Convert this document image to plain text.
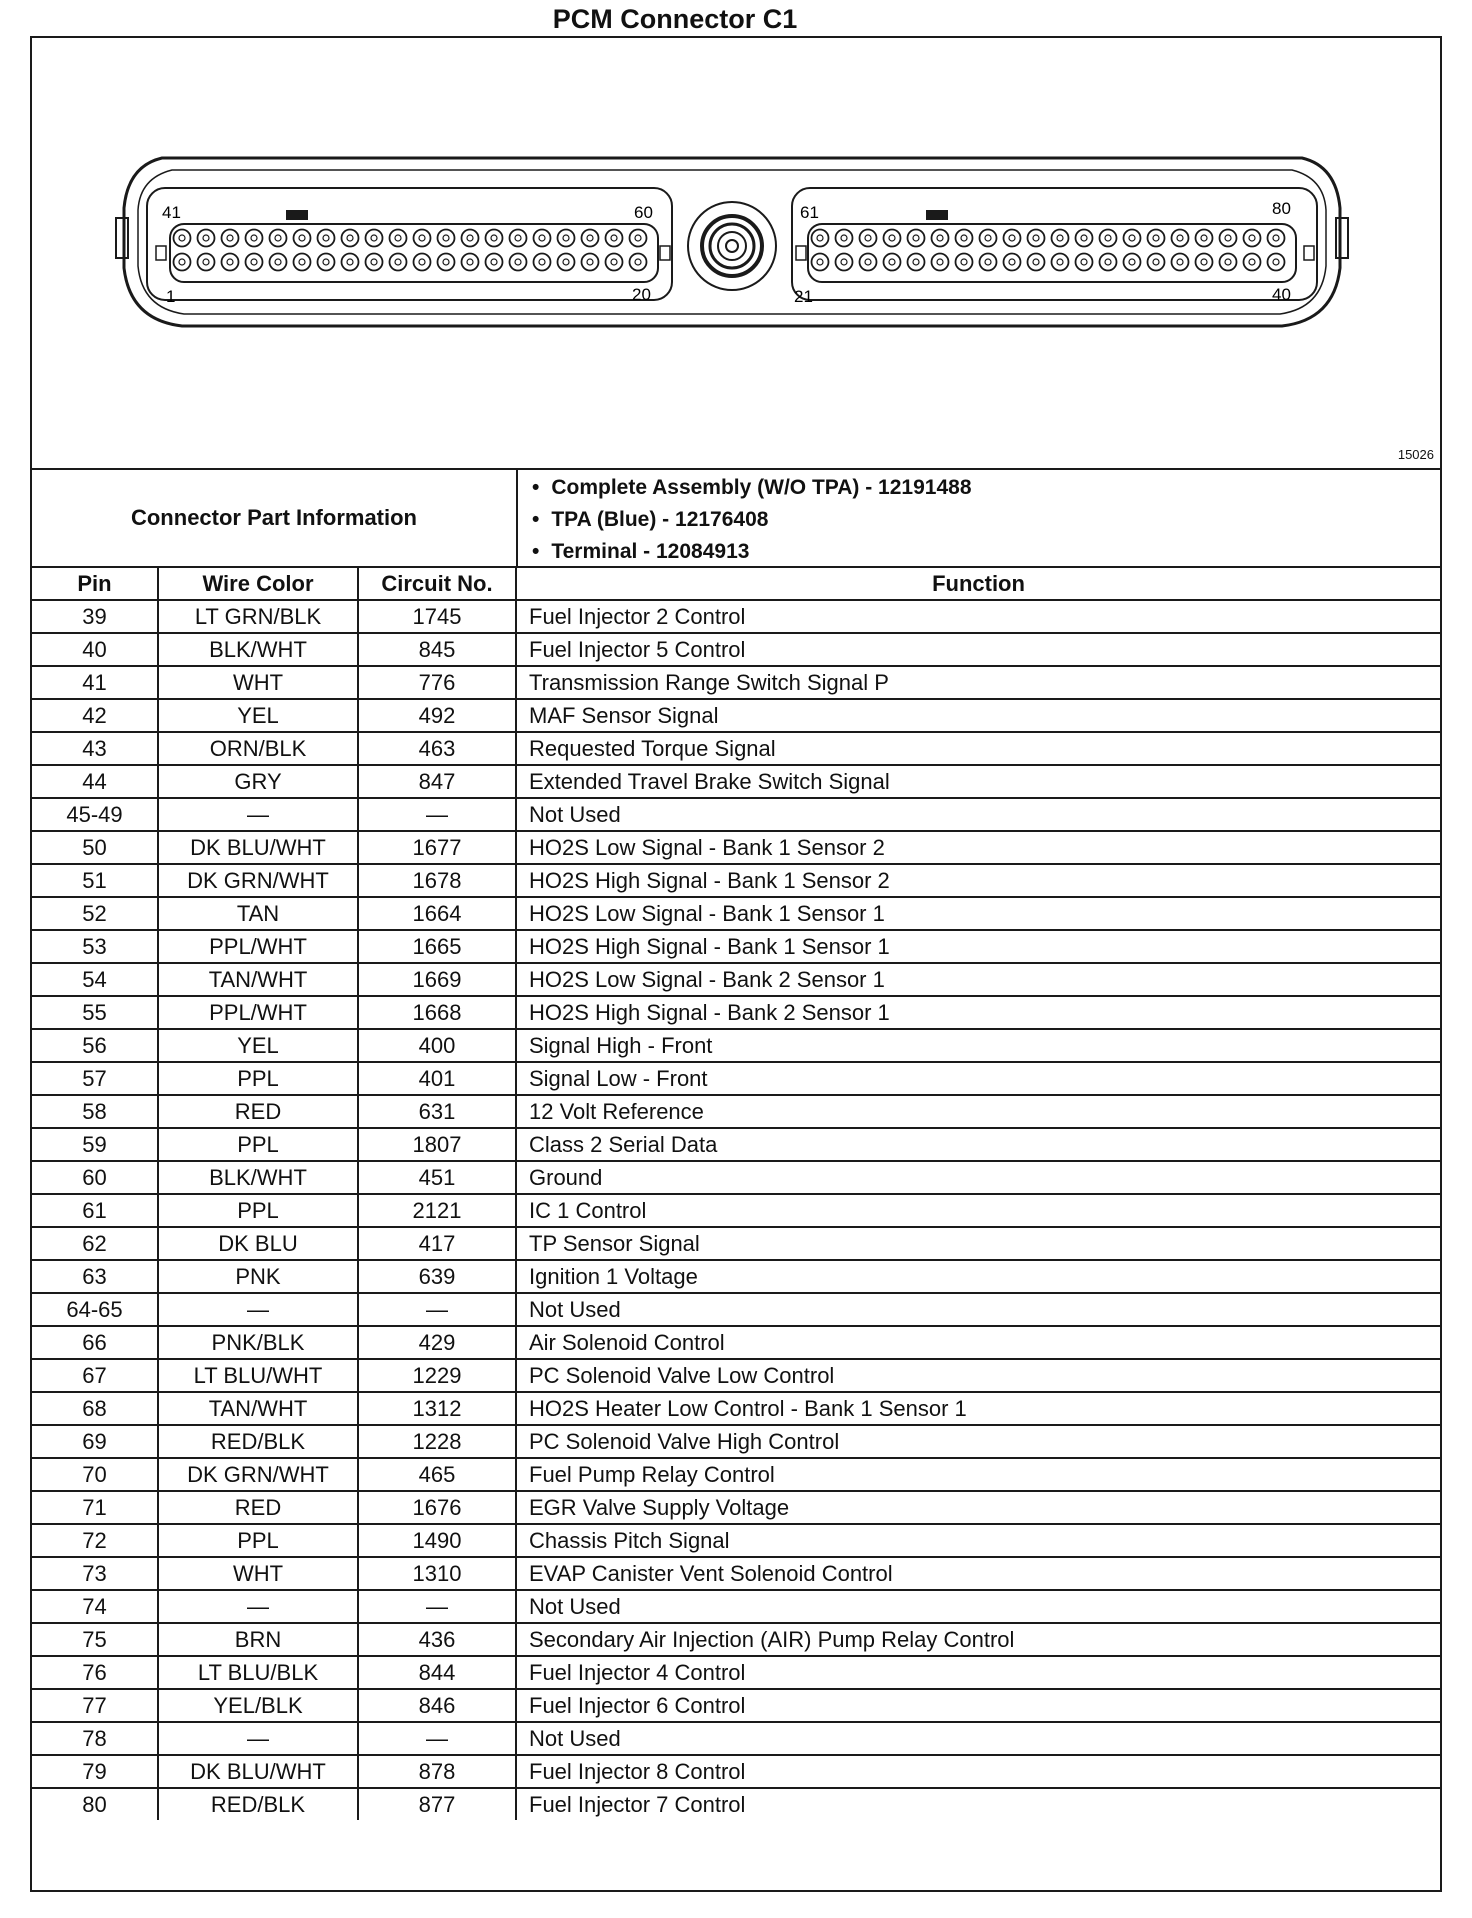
PCM Connector C1
41	60
1	20
61	80
21	40
15026
Connector Part Information
• Complete Assembly (W/O TPA) - 12191488
• TPA (Blue) - 12176408
• Terminal - 12084913
Pin	Wire Color	Circuit No.	Function
39	LT GRN/BLK	1745	Fuel Injector 2 Control
40	BLK/WHT	845	Fuel Injector 5 Control
41	WHT	776	Transmission Range Switch Signal P
42	YEL	492	MAF Sensor Signal
43	ORN/BLK	463	Requested Torque Signal
44	GRY	847	Extended Travel Brake Switch Signal
45-49	—	—	Not Used
50	DK BLU/WHT	1677	HO2S Low Signal - Bank 1 Sensor 2
51	DK GRN/WHT	1678	HO2S High Signal - Bank 1 Sensor 2
52	TAN	1664	HO2S Low Signal - Bank 1 Sensor 1
53	PPL/WHT	1665	HO2S High Signal - Bank 1 Sensor 1
54	TAN/WHT	1669	HO2S Low Signal - Bank 2 Sensor 1
55	PPL/WHT	1668	HO2S High Signal - Bank 2 Sensor 1
56	YEL	400	Signal High - Front
57	PPL	401	Signal Low - Front
58	RED	631	12 Volt Reference
59	PPL	1807	Class 2 Serial Data
60	BLK/WHT	451	Ground
61	PPL	2121	IC 1 Control
62	DK BLU	417	TP Sensor Signal
63	PNK	639	Ignition 1 Voltage
64-65	—	—	Not Used
66	PNK/BLK	429	Air Solenoid Control
67	LT BLU/WHT	1229	PC Solenoid Valve Low Control
68	TAN/WHT	1312	HO2S Heater Low Control - Bank 1 Sensor 1
69	RED/BLK	1228	PC Solenoid Valve High Control
70	DK GRN/WHT	465	Fuel Pump Relay Control
71	RED	1676	EGR Valve Supply Voltage
72	PPL	1490	Chassis Pitch Signal
73	WHT	1310	EVAP Canister Vent Solenoid Control
74	—	—	Not Used
75	BRN	436	Secondary Air Injection (AIR) Pump Relay Control
76	LT BLU/BLK	844	Fuel Injector 4 Control
77	YEL/BLK	846	Fuel Injector 6 Control
78	—	—	Not Used
79	DK BLU/WHT	878	Fuel Injector 8 Control
80	RED/BLK	877	Fuel Injector 7 Control
